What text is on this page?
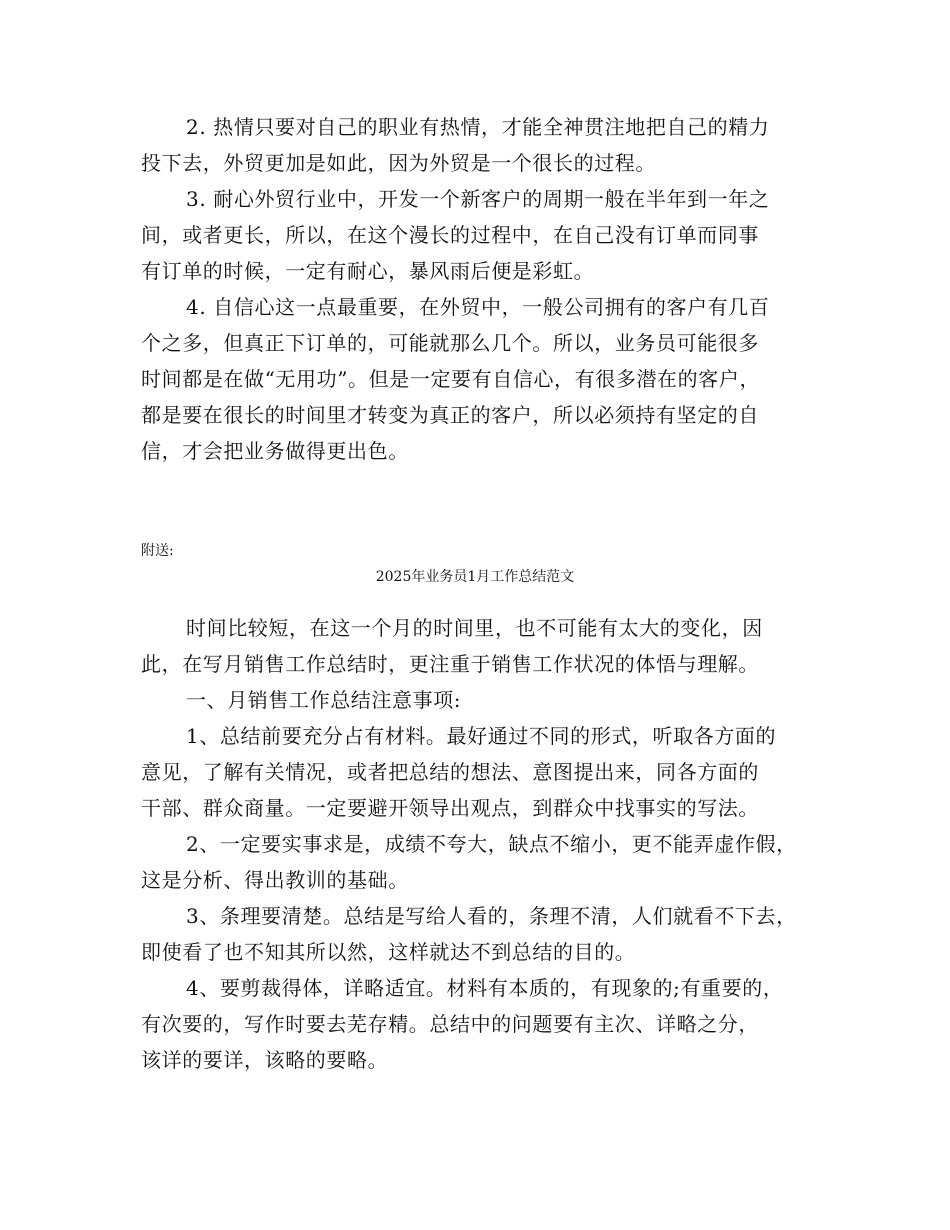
2. 热情只要对自己的职业有热情，才能全神贯注地把自己的精力
投下去，外贸更加是如此，因为外贸是一个很长的过程。
3. 耐心外贸行业中，开发一个新客户的周期一般在半年到一年之
间，或者更长，所以，在这个漫长的过程中，在自己没有订单而同事
有订单的时候，一定有耐心，暴风雨后便是彩虹。
4. 自信心这一点最重要，在外贸中，一般公司拥有的客户有几百
个之多，但真正下订单的，可能就那么几个。所以，业务员可能很多
时间都是在做“无用功”。但是一定要有自信心，有很多潜在的客户，
都是要在很长的时间里才转变为真正的客户，所以必须持有坚定的自
信，才会把业务做得更出色。
附送:
2025年业务员1月工作总结范文
时间比较短，在这一个月的时间里，也不可能有太大的变化，因
此，在写月销售工作总结时，更注重于销售工作状况的体悟与理解。
一、月销售工作总结注意事项:
1、总结前要充分占有材料。最好通过不同的形式，听取各方面的
意见，了解有关情况，或者把总结的想法、意图提出来，同各方面的
干部、群众商量。一定要避开领导出观点，到群众中找事实的写法。
2、一定要实事求是，成绩不夸大，缺点不缩小，更不能弄虚作假，
这是分析、得出教训的基础。
3、条理要清楚。总结是写给人看的，条理不清，人们就看不下去，
即使看了也不知其所以然，这样就达不到总结的目的。
4、要剪裁得体，详略适宜。材料有本质的，有现象的;有重要的，
有次要的，写作时要去芜存精。总结中的问题要有主次、详略之分，
该详的要详，该略的要略。
